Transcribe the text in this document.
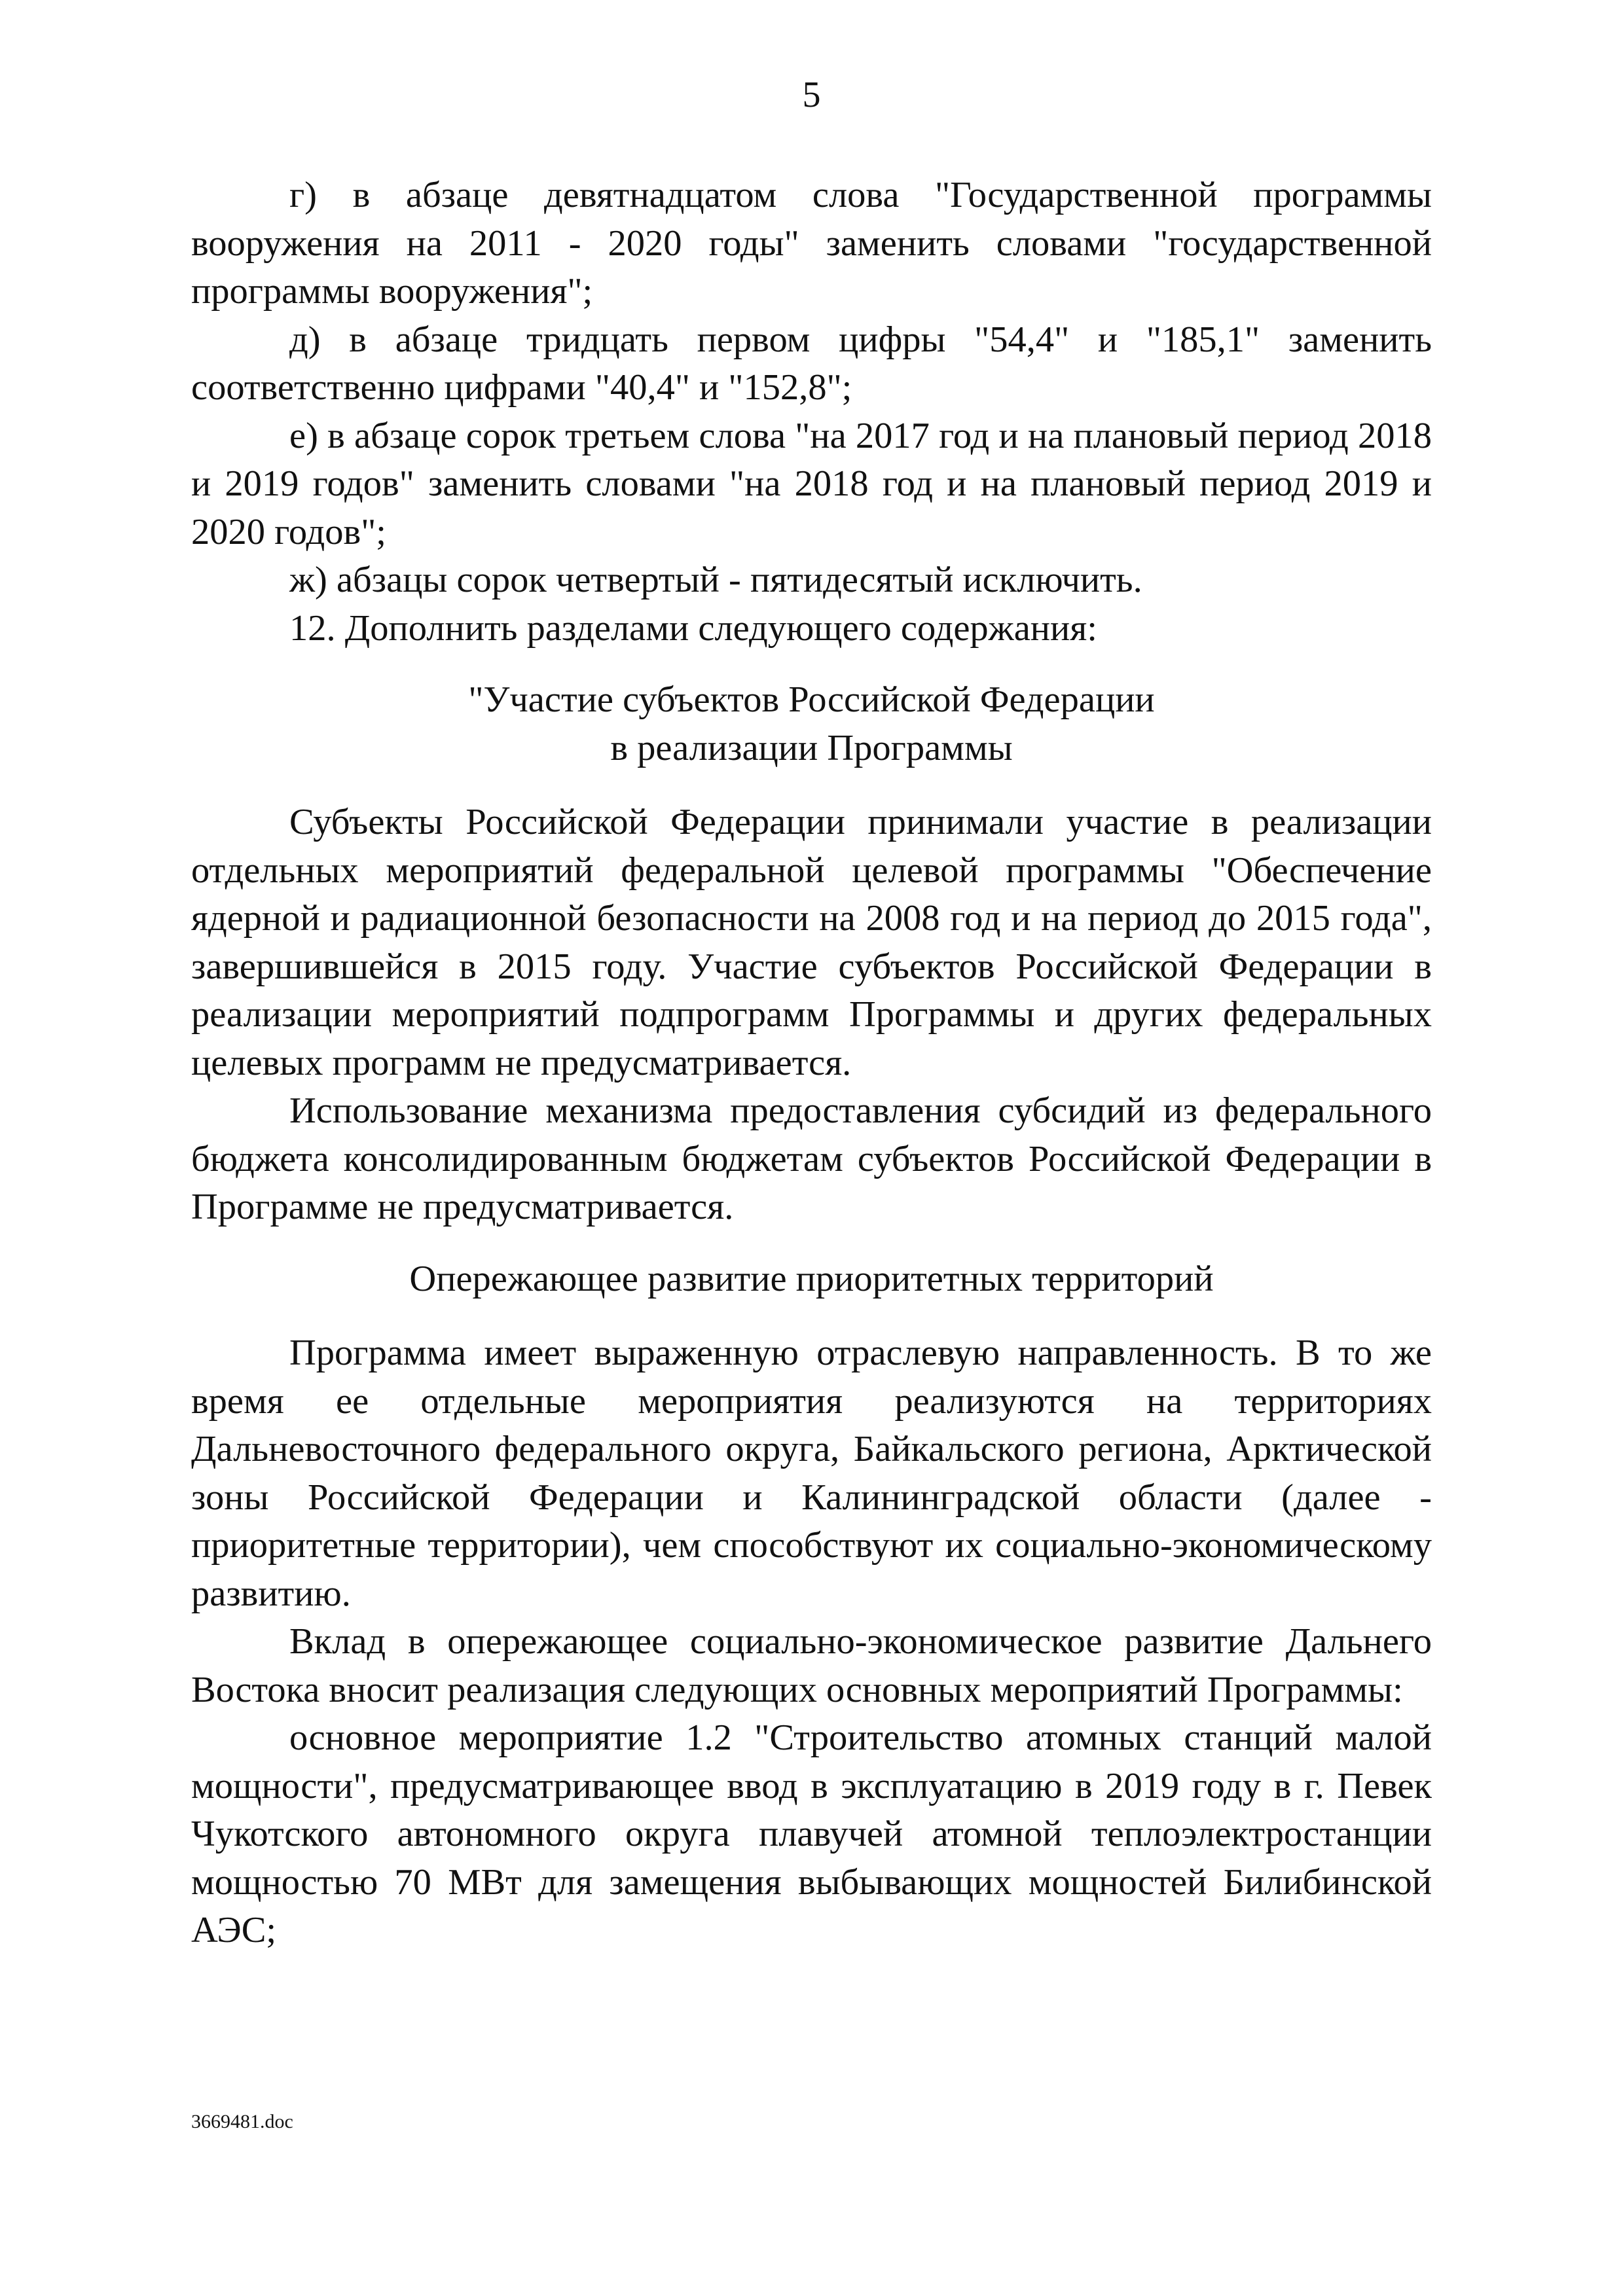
5

г) в абзаце девятнадцатом слова "Государственной программы вооружения на 2011 - 2020 годы" заменить словами "государственной программы вооружения";

д) в абзаце тридцать первом цифры "54,4" и "185,1" заменить соответственно цифрами "40,4" и "152,8";

е) в абзаце сорок третьем слова "на 2017 год и на плановый период 2018 и 2019 годов" заменить словами "на 2018 год и на плановый период 2019 и 2020 годов";

ж) абзацы сорок четвертый - пятидесятый исключить.

12. Дополнить разделами следующего содержания:

"Участие субъектов Российской Федерации

в реализации Программы

Субъекты Российской Федерации принимали участие в реализации отдельных мероприятий федеральной целевой программы "Обеспечение ядерной и радиационной безопасности на 2008 год и на период до 2015 года", завершившейся в 2015 году. Участие субъектов Российской Федерации в реализации мероприятий подпрограмм Программы и других федеральных целевых программ не предусматривается.

Использование механизма предоставления субсидий из федерального бюджета консолидированным бюджетам субъектов Российской Федерации в Программе не предусматривается.

Опережающее развитие приоритетных территорий

Программа имеет выраженную отраслевую направленность. В то же время ее отдельные мероприятия реализуются на территориях Дальневосточного федерального округа, Байкальского региона, Арктической зоны Российской Федерации и Калининградской области (далее - приоритетные территории), чем способствуют их социально-экономическому развитию.

Вклад в опережающее социально-экономическое развитие Дальнего Востока вносит реализация следующих основных мероприятий Программы:

основное мероприятие 1.2 "Строительство атомных станций малой мощности", предусматривающее ввод в эксплуатацию в 2019 году в г. Певек Чукотского автономного округа плавучей атомной теплоэлектростанции мощностью 70 МВт для замещения выбывающих мощностей Билибинской АЭС;

3669481.doc
